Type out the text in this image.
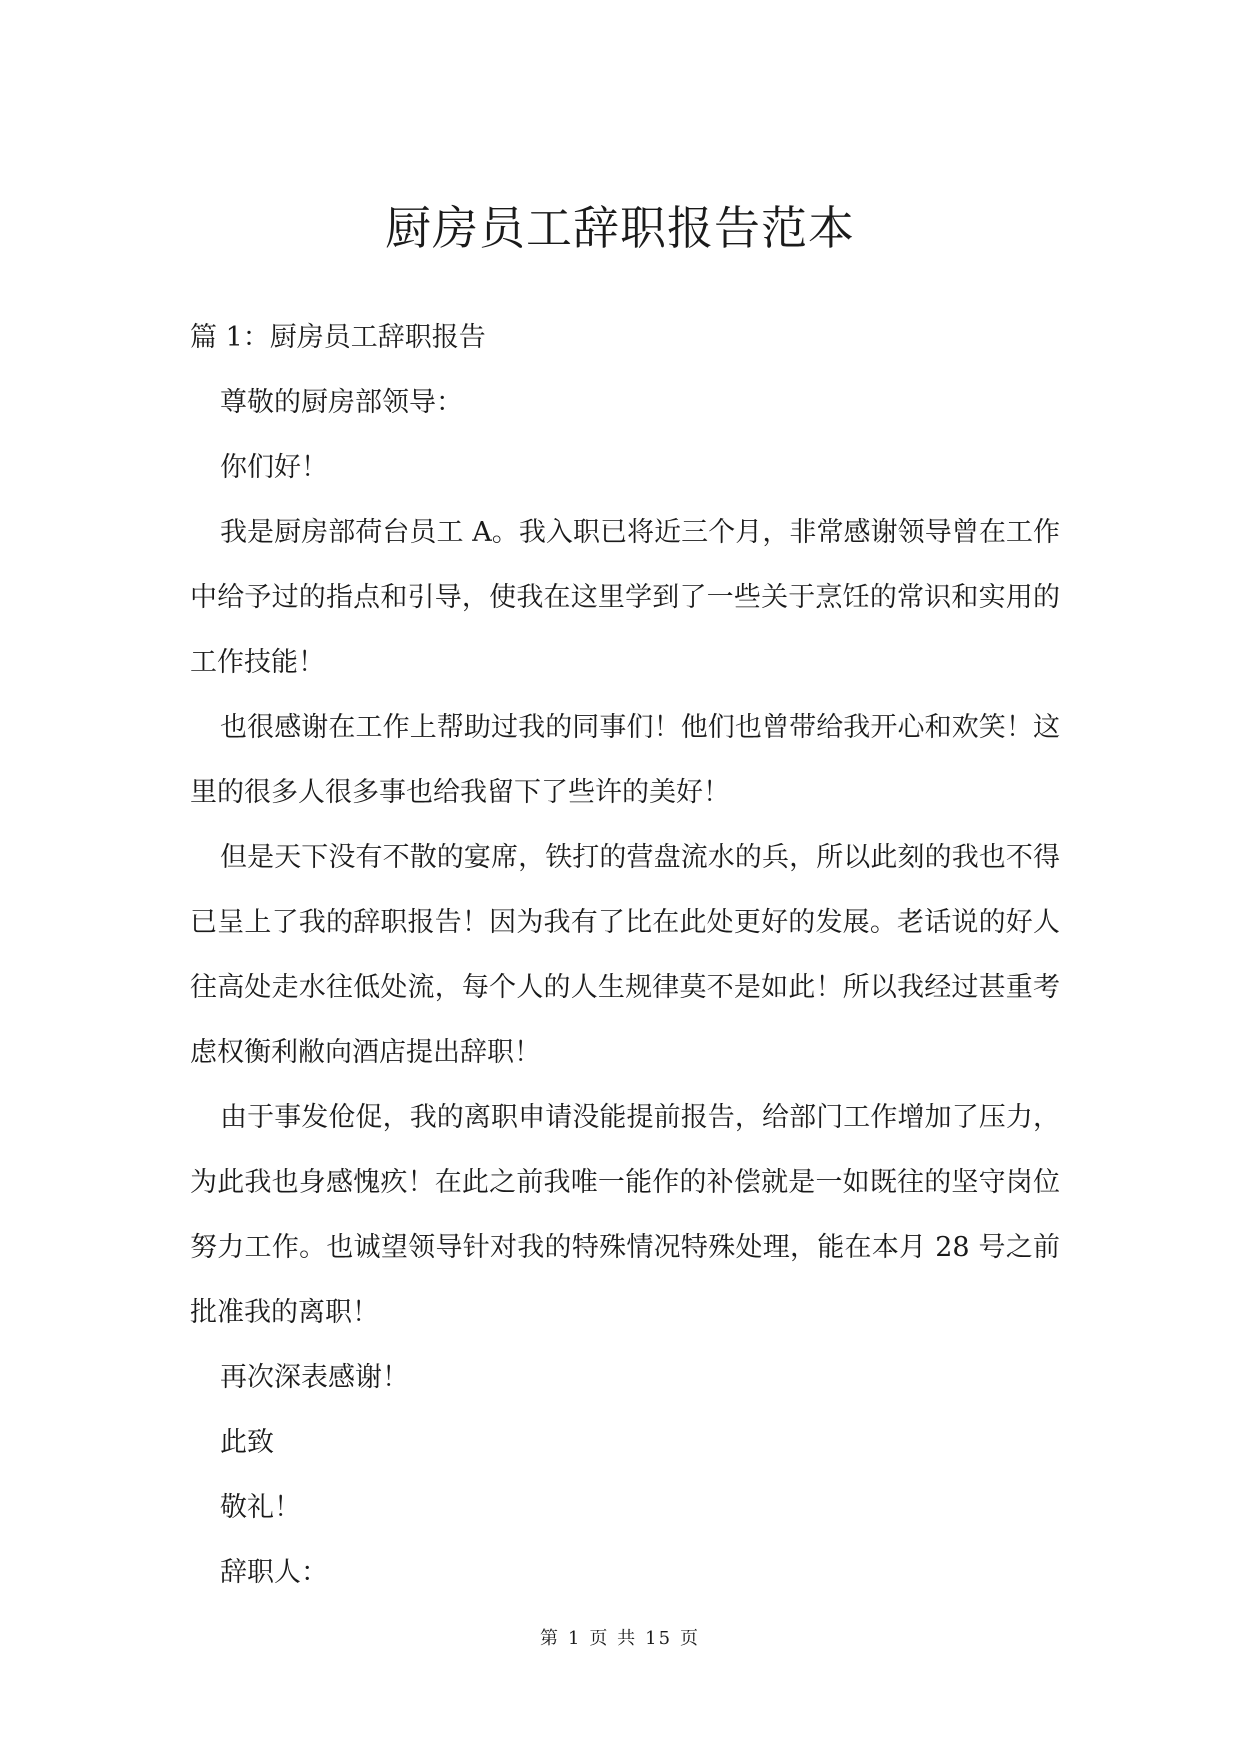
厨房员工辞职报告范本

篇 1：厨房员工辞职报告

尊敬的厨房部领导：

你们好！

我是厨房部荷台员工 A。我入职已将近三个月，非常感谢领导曾在工作中给予过的指点和引导，使我在这里学到了一些关于烹饪的常识和实用的工作技能！

也很感谢在工作上帮助过我的同事们！他们也曾带给我开心和欢笑！这里的很多人很多事也给我留下了些许的美好！

但是天下没有不散的宴席，铁打的营盘流水的兵，所以此刻的我也不得已呈上了我的辞职报告！因为我有了比在此处更好的发展。老话说的好人往高处走水往低处流，每个人的人生规律莫不是如此！所以我经过甚重考虑权衡利敝向酒店提出辞职！

由于事发伧促，我的离职申请没能提前报告，给部门工作增加了压力，为此我也身感愧疚！在此之前我唯一能作的补偿就是一如既往的坚守岗位努力工作。也诚望领导针对我的特殊情况特殊处理，能在本月 28 号之前批准我的离职！

再次深表感谢！

此致

敬礼！

辞职人：

第 1 页 共 15 页
